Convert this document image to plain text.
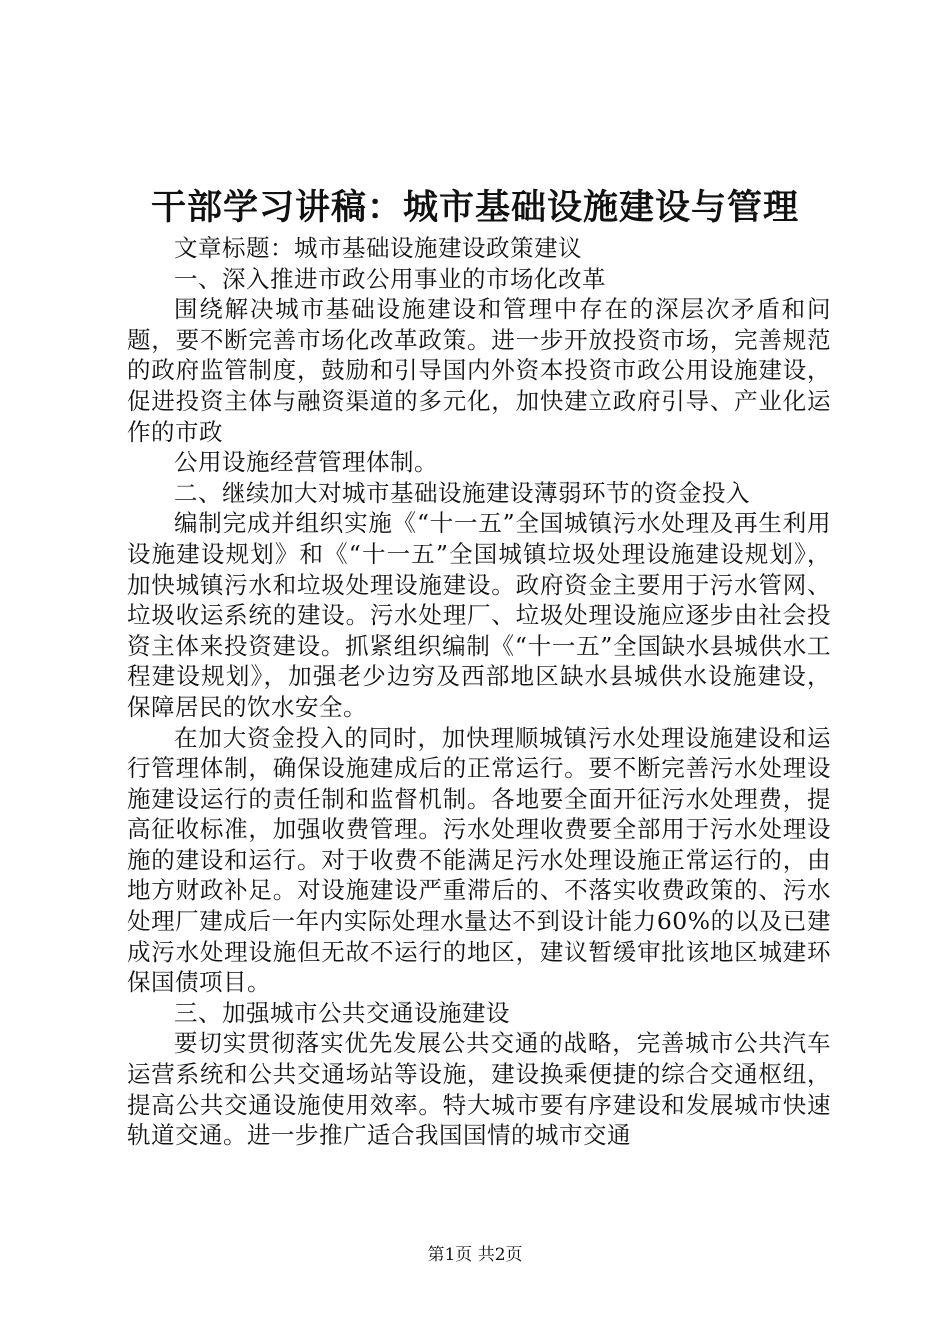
干部学习讲稿：城市基础设施建设与管理

文章标题：城市基础设施建设政策建议

一、深入推进市政公用事业的市场化改革

围绕解决城市基础设施建设和管理中存在的深层次矛盾和问题，要不断完善市场化改革政策。进一步开放投资市场，完善规范的政府监管制度，鼓励和引导国内外资本投资市政公用设施建设，促进投资主体与融资渠道的多元化，加快建立政府引导、产业化运作的市政

公用设施经营管理体制。

二、继续加大对城市基础设施建设薄弱环节的资金投入

编制完成并组织实施《“十一五”全国城镇污水处理及再生利用设施建设规划》和《“十一五”全国城镇垃圾处理设施建设规划》，加快城镇污水和垃圾处理设施建设。政府资金主要用于污水管网、垃圾收运系统的建设。污水处理厂、垃圾处理设施应逐步由社会投资主体来投资建设。抓紧组织编制《“十一五”全国缺水县城供水工程建设规划》，加强老少边穷及西部地区缺水县城供水设施建设，保障居民的饮水安全。

在加大资金投入的同时，加快理顺城镇污水处理设施建设和运行管理体制，确保设施建成后的正常运行。要不断完善污水处理设施建设运行的责任制和监督机制。各地要全面开征污水处理费，提高征收标准，加强收费管理。污水处理收费要全部用于污水处理设施的建设和运行。对于收费不能满足污水处理设施正常运行的，由地方财政补足。对设施建设严重滞后的、不落实收费政策的、污水处理厂建成后一年内实际处理水量达不到设计能力60%的以及已建成污水处理设施但无故不运行的地区，建议暂缓审批该地区城建环保国债项目。

三、加强城市公共交通设施建设

要切实贯彻落实优先发展公共交通的战略，完善城市公共汽车运营系统和公共交通场站等设施，建设换乘便捷的综合交通枢纽，提高公共交通设施使用效率。特大城市要有序建设和发展城市快速轨道交通。进一步推广适合我国国情的城市交通

第1页 共2页
